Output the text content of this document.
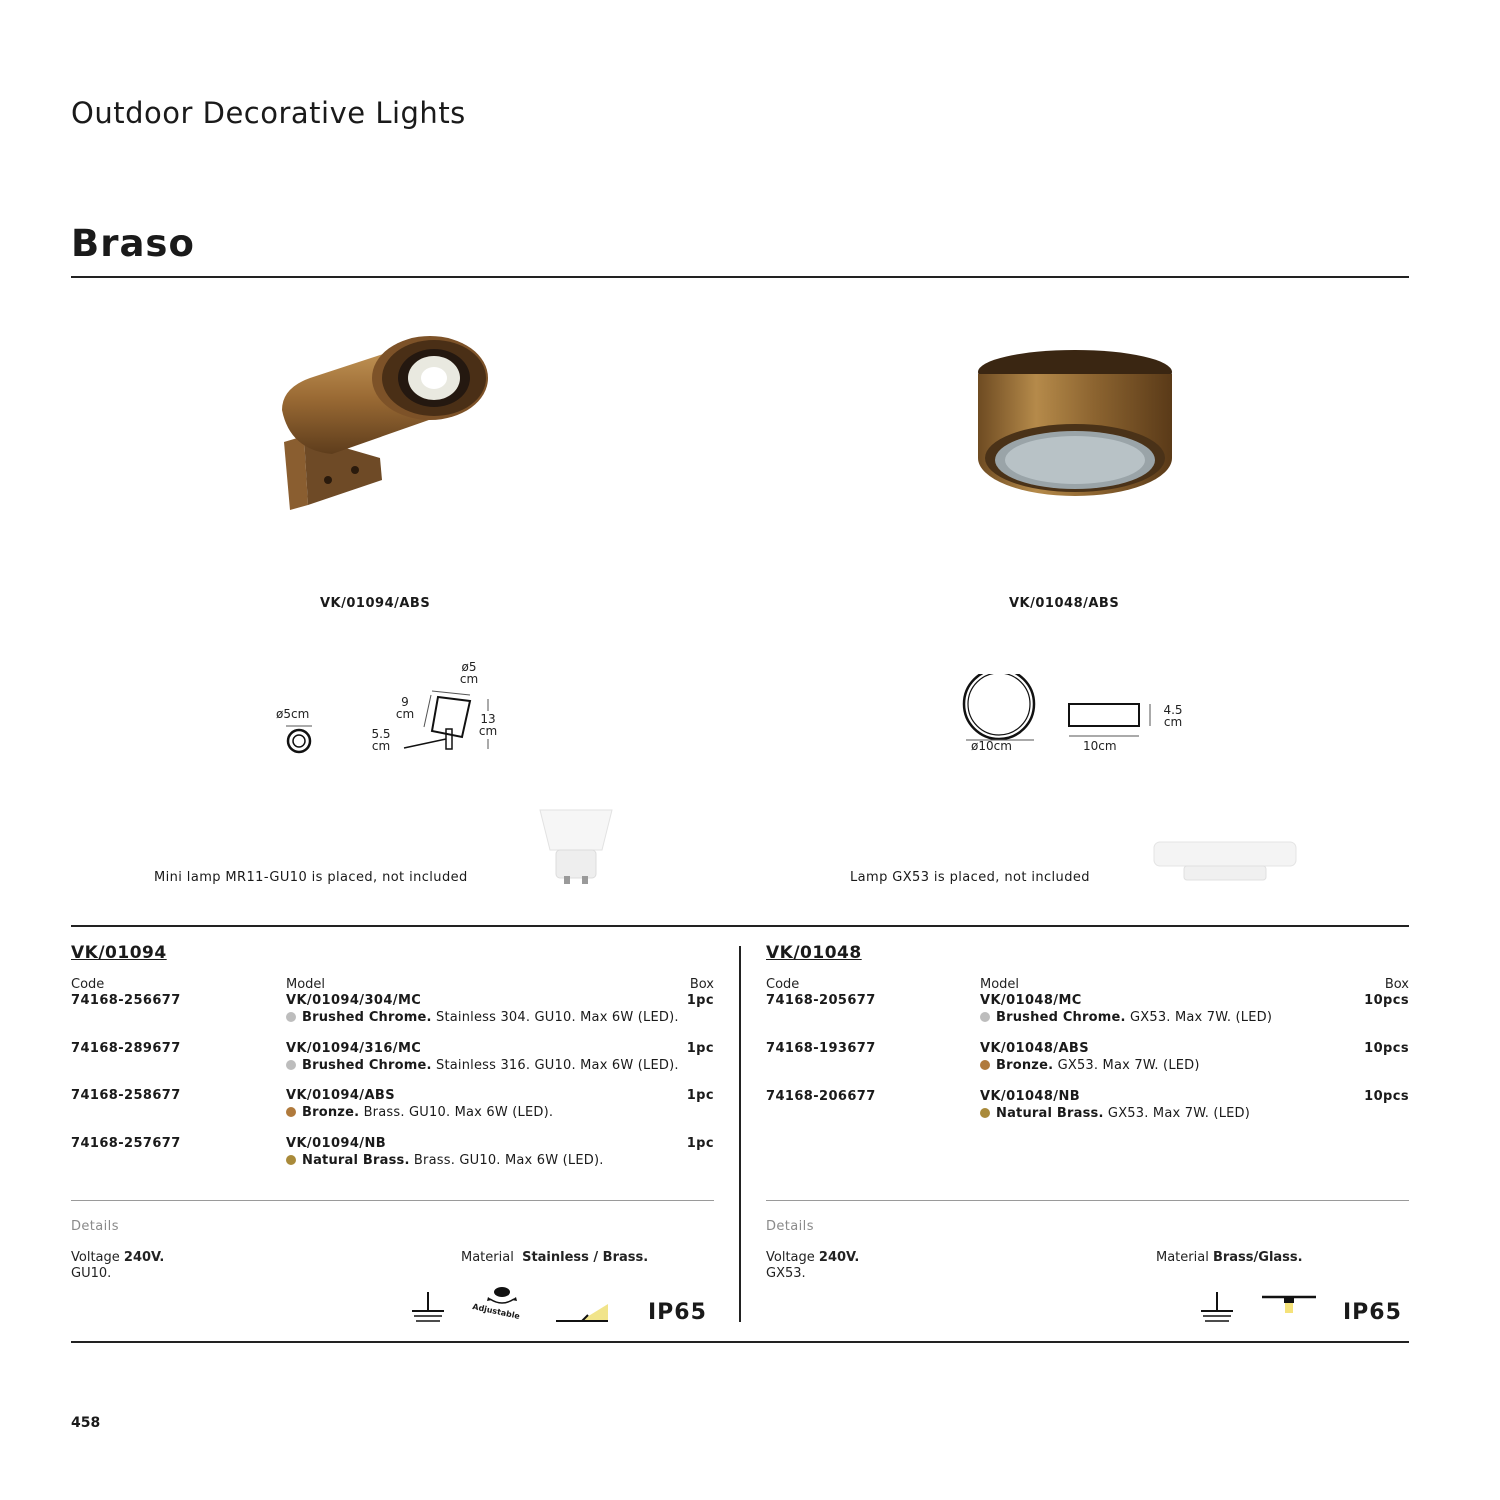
Outdoor Decorative Lights
Braso
VK/01094/ABS	VK/01048/ABS
ø5cm
ø5
cm
9
cm	13
cm
5.5
cm	ø10cm	10cm
4.5
cm
Mini lamp MR11-GU10 is placed, not included	Lamp GX53 is placed, not included
VK/01094
Code	Model	Box
74168-256677	VK/01094/304/MC	1pc
Brushed Chrome. Stainless 304. GU10. Max 6W (LED).
74168-289677	VK/01094/316/MC	1pc
Brushed Chrome. Stainless 316. GU10. Max 6W (LED).
74168-258677	VK/01094/ABS	1pc
Bronze. Brass. GU10. Max 6W (LED).
74168-257677	VK/01094/NB	1pc
Natural Brass. Brass. GU10. Max 6W (LED).
Details
Voltage 240V.
GU10.
Material Stainless / Brass.
Adjustable	IP65
VK/01048
Code	Model	Box
74168-205677	VK/01048/MC	10pcs
Brushed Chrome. GX53. Max 7W. (LED)
74168-193677	VK/01048/ABS	10pcs
Bronze. GX53. Max 7W. (LED)
74168-206677	VK/01048/NB	10pcs
Natural Brass. GX53. Max 7W. (LED)
Details
Voltage 240V.
GX53.
Material Brass/Glass.
IP65
458
